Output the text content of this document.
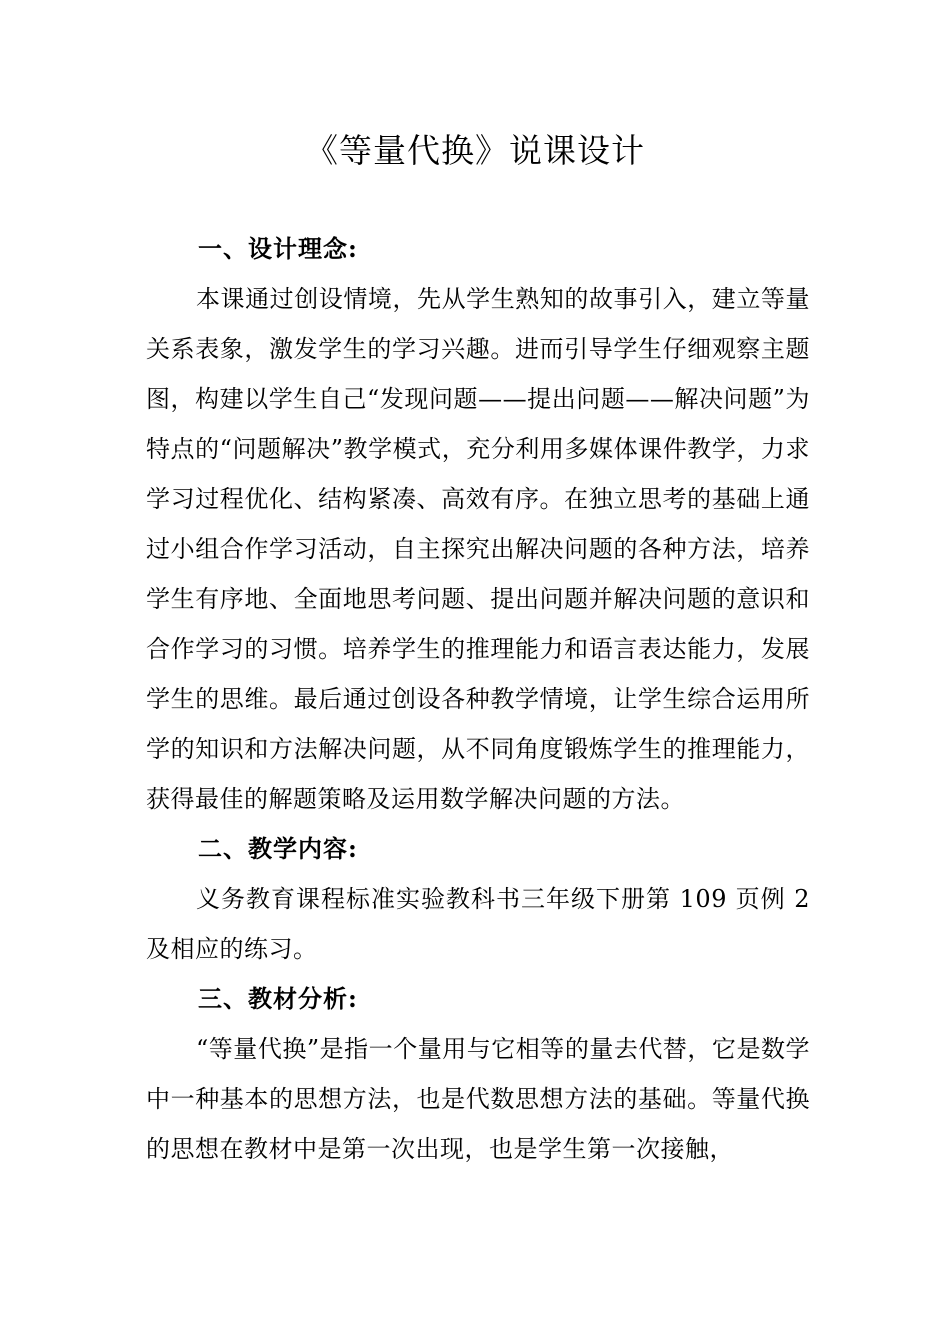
《等量代换》说课设计

一、设计理念:

本课通过创设情境，先从学生熟知的故事引入，建立等量关系表象，激发学生的学习兴趣。进而引导学生仔细观察主题图，构建以学生自己“发现问题——提出问题——解决问题”为特点的“问题解决”教学模式，充分利用多媒体课件教学，力求学习过程优化、结构紧凑、高效有序。在独立思考的基础上通过小组合作学习活动，自主探究出解决问题的各种方法，培养学生有序地、全面地思考问题、提出问题并解决问题的意识和合作学习的习惯。培养学生的推理能力和语言表达能力，发展学生的思维。最后通过创设各种教学情境，让学生综合运用所学的知识和方法解决问题，从不同角度锻炼学生的推理能力，获得最佳的解题策略及运用数学解决问题的方法。

二、教学内容:

义务教育课程标准实验教科书三年级下册第 109 页例 2 及相应的练习。

三、教材分析:

“等量代换”是指一个量用与它相等的量去代替，它是数学中一种基本的思想方法，也是代数思想方法的基础。等量代换的思想在教材中是第一次出现，也是学生第一次接触，
